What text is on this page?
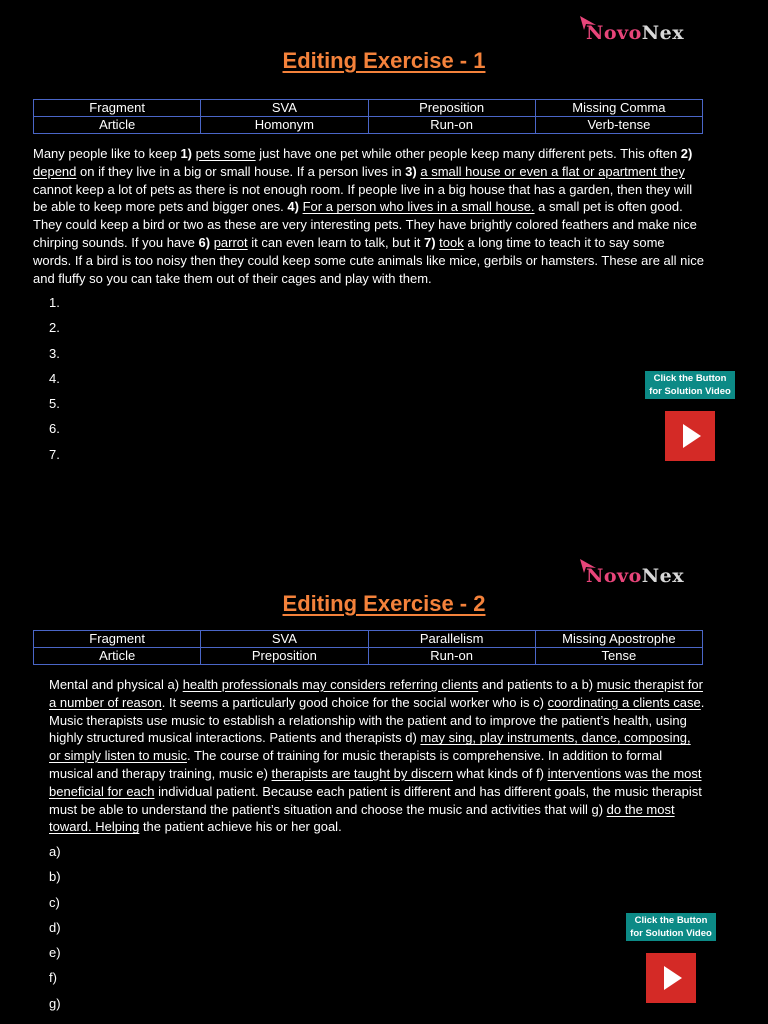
NovoNex
Editing Exercise - 1
Fragment	SVA	Preposition	Missing Comma
Article	Homonym	Run-on	Verb-tense
Many people like to keep 1) pets some just have one pet while other people keep many different pets. This often 2) depend on if they live in a big or small house. If a person lives in 3) a small house or even a flat or apartment they cannot keep a lot of pets as there is not enough room. If people live in a big house that has a garden, then they will be able to keep more pets and bigger ones. 4) For a person who lives in a small house. a small pet is often good. They could keep a bird or two as these are very interesting pets. They have brightly colored feathers and make nice chirping sounds. If you have 6) parrot it can even learn to talk, but it 7) took a long time to teach it to say some words. If a bird is too noisy then they could keep some cute animals like mice, gerbils or hamsters. These are all nice and fluffy so you can take them out of their cages and play with them.
1.
2.
3.
4.
5.
6.
7.
Click the Button for Solution Video
NovoNex
Editing Exercise - 2
Fragment	SVA	Parallelism	Missing Apostrophe
Article	Preposition	Run-on	Tense
Mental and physical a) health professionals may considers referring clients and patients to a b) music therapist for a number of reason. It seems a particularly good choice for the social worker who is c) coordinating a clients case. Music therapists use music to establish a relationship with the patient and to improve the patient’s health, using highly structured musical interactions. Patients and therapists d) may sing, play instruments, dance, composing, or simply listen to music. The course of training for music therapists is comprehensive. In addition to formal musical and therapy training, music e) therapists are taught by discern what kinds of f) interventions was the most beneficial for each individual patient. Because each patient is different and has different goals, the music therapist must be able to understand the patient’s situation and choose the music and activities that will g) do the most toward. Helping the patient achieve his or her goal.
a)
b)
c)
d)
e)
f)
g)
Click the Button for Solution Video
